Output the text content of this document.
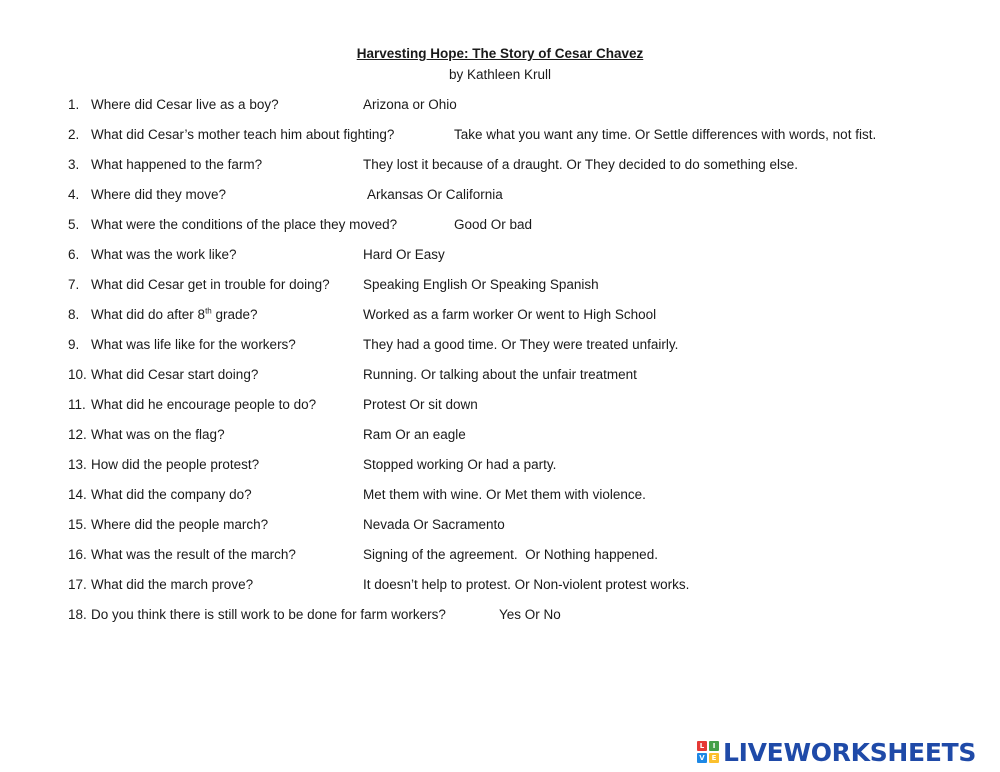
Harvesting Hope: The Story of Cesar Chavez
by Kathleen Krull
1. Where did Cesar live as a boy?	Arizona or Ohio
2. What did Cesar’s mother teach him about fighting?	Take what you want any time. Or Settle differences with words, not fist.
3. What happened to the farm?	They lost it because of a draught. Or They decided to do something else.
4. Where did they move?	Arkansas Or California
5. What were the conditions of the place they moved?	Good Or bad
6. What was the work like?	Hard Or Easy
7. What did Cesar get in trouble for doing? Speaking English Or Speaking Spanish
8. What did do after 8th grade?	Worked as a farm worker Or went to High School
9. What was life like for the workers?	They had a good time. Or They were treated unfairly.
10. What did Cesar start doing?	Running. Or talking about the unfair treatment
11. What did he encourage people to do?	Protest Or sit down
12. What was on the flag?	Ram Or an eagle
13. How did the people protest?	Stopped working Or had a party.
14. What did the company do?	Met them with wine. Or Met them with violence.
15. Where did the people march?	Nevada Or Sacramento
16. What was the result of the march?	Signing of the agreement.  Or Nothing happened.
17. What did the march prove?	It doesn’t help to protest. Or Non-violent protest works.
18. Do you think there is still work to be done for farm workers?	Yes Or No
L	I
V E LIVEWORKSHEETS
